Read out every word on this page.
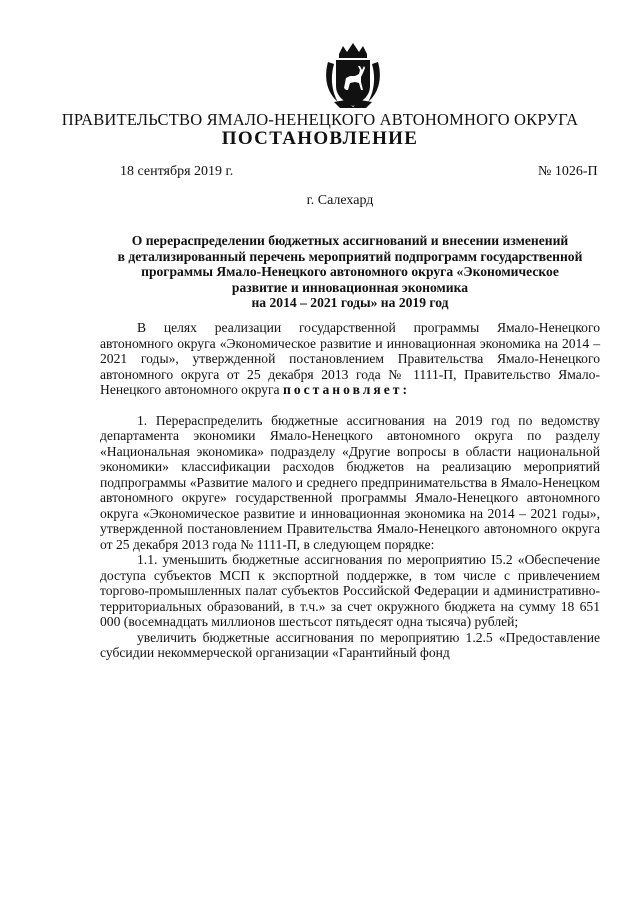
ПРАВИТЕЛЬСТВО ЯМАЛО-НЕНЕЦКОГО АВТОНОМНОГО ОКРУГА
ПОСТАНОВЛЕНИЕ
18 сентября 2019 г.	№ 1026-П
г. Салехард
О перераспределении бюджетных ассигнований и внесении изменений
в детализированный перечень мероприятий подпрограмм государственной
программы Ямало-Ненецкого автономного округа «Экономическое
развитие и инновационная экономика
на 2014 – 2021 годы» на 2019 год

В целях реализации государственной программы Ямало-Ненецкого автономного округа «Экономическое развитие и инновационная экономика на 2014 – 2021 годы», утвержденной постановлением Правительства Ямало-Ненецкого автономного округа от 25 декабря 2013 года № 1111-П, Правительство Ямало-Ненецкого автономного округа постановляет:

1. Перераспределить бюджетные ассигнования на 2019 год по ведомству департамента экономики Ямало-Ненецкого автономного округа по разделу «Национальная экономика» подразделу «Другие вопросы в области национальной экономики» классификации расходов бюджетов на реализацию мероприятий подпрограммы «Развитие малого и среднего предпринимательства в Ямало-Ненецком автономного округе» государственной программы Ямало-Ненецкого автономного округа «Экономическое развитие и инновационная экономика на 2014 – 2021 годы», утвержденной постановлением Правительства Ямало-Ненецкого автономного округа от 25 декабря 2013 года № 1111-П, в следующем порядке:

1.1. уменьшить бюджетные ассигнования по мероприятию I5.2 «Обеспечение доступа субъектов МСП к экспортной поддержке, в том числе с привлечением торгово-промышленных палат субъектов Российской Федерации и административно-территориальных образований, в т.ч.» за счет окружного бюджета на сумму 18 651 000 (восемнадцать миллионов шестьсот пятьдесят одна тысяча) рублей;

увеличить бюджетные ассигнования по мероприятию 1.2.5 «Предоставление субсидии некоммерческой организации «Гарантийный фонд
